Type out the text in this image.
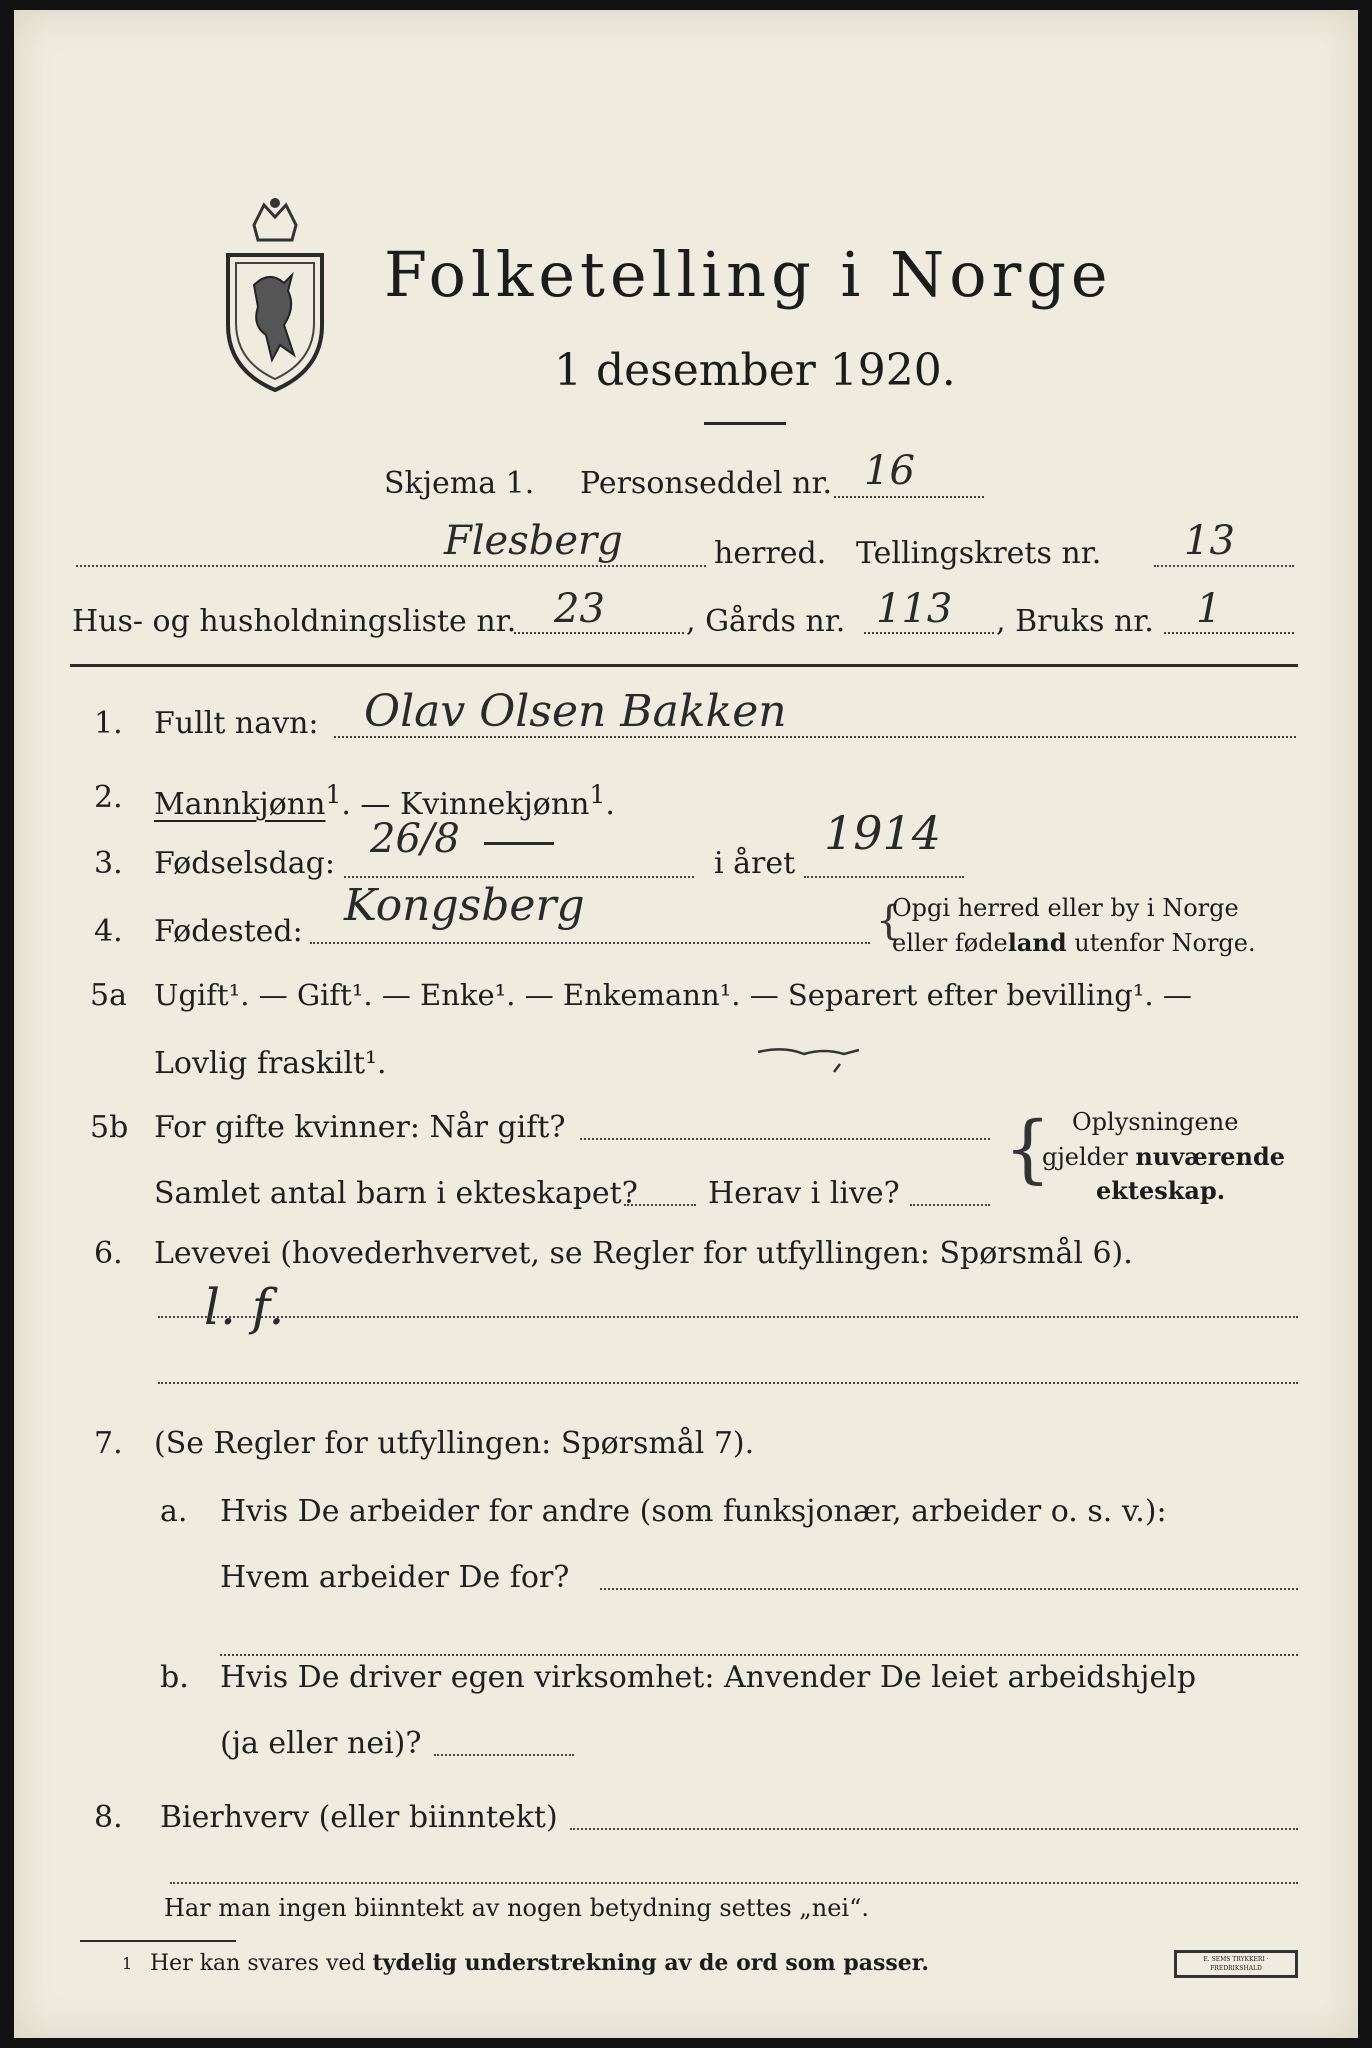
Folketelling i Norge
1 desember 1920.
Skjema 1. Personseddel nr. 16
Flesberg	herred. Tellingskrets nr. 13
Hus- og husholdningsliste nr. 23	, Gårds nr. 113 , Bruks nr. 1
1. Fullt navn: Olav Olsen Bakken
2. Mannkjønn$^1$. — Kvinnekjønn$^1$.
3. Fødselsdag:
26/8
i året
1914
4. Fødested:
Kongsberg	{
Opgi herred eller by i Norge
eller fødeland utenfor Norge.
5a Ugift¹. — Gift¹. — Enke¹. — Enkemann¹. — Separert efter bevilling¹. —
Lovlig fraskilt¹.
5b For gifte kvinner: Når gift?
Samlet antal barn i ekteskapet? Herav i live?
{ Oplysningene
gjelder nuværende
ekteskap.
6. Levevei (hovederhvervet, se Regler for utfyllingen: Spørsmål 6).
l. f.
7. (Se Regler for utfyllingen: Spørsmål 7).
a. Hvis De arbeider for andre (som funksjonær, arbeider o. s. v.):
Hvem arbeider De for?
b. Hvis De driver egen virksomhet: Anvender De leiet arbeidshjelp
(ja eller nei)?
8. Bierhverv (eller biinntekt)
Har man ingen biinntekt av nogen betydning settes „nei“.
1 Her kan svares ved tydelig understrekning av de ord som passer.	E. SEMS TRYKKERI · FREDRIKSHALD
